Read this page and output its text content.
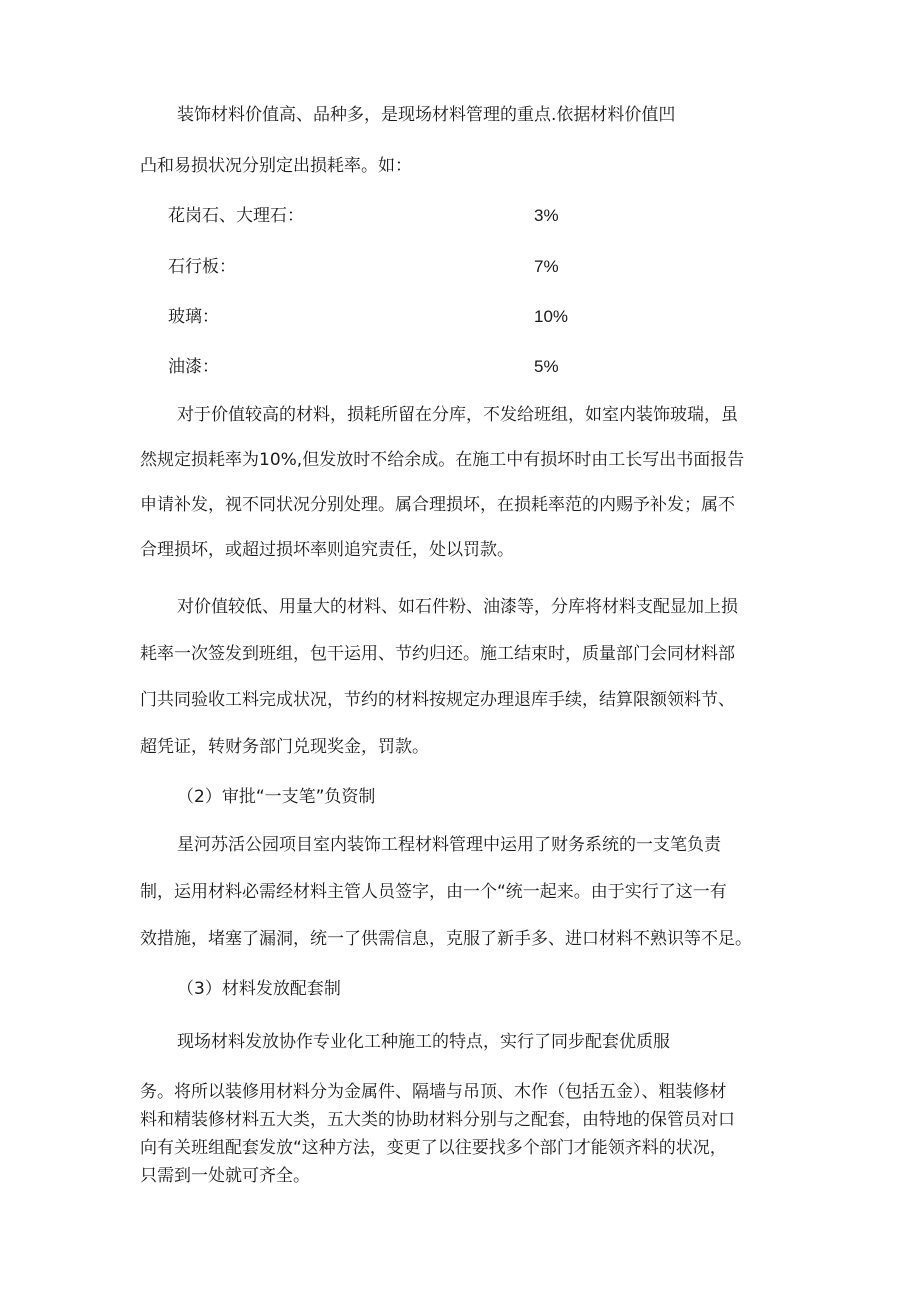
装饰材料价值高、品种多，是现场材料管理的重点.依据材料价值凹
凸和易损状况分别定出损耗率。如：
花岗石、大理石：	3%
石行板：	7%
玻璃：	10%
油漆：	5%
对于价值较高的材料，损耗所留在分库，不发给班组，如室内装饰玻瑞，虽
然规定损耗率为10%,但发放时不给余成。在施工中有损坏时由工长写出书面报告
申请补发，视不同状况分别处理。属合理损坏，在损耗率范的内赐予补发；属不
合理损坏，或超过损坏率则追究责任，处以罚款。
对价值较低、用量大的材料、如石件粉、油漆等，分库将材料支配显加上损
耗率一次签发到班组，包干运用、节约归还。施工结束时，质量部门会同材料部
门共同验收工料完成状况，节约的材料按规定办理退库手续，结算限额领料节、
超凭证，转财务部门兑现奖金，罚款。
（2）审批“一支笔”负资制
星河苏活公园项目室内装饰工程材料管理中运用了财务系统的一支笔负责
制，运用材料必需经材料主管人员签字，由一个“统一起来。由于实行了这一有
效措施，堵塞了漏洞，统一了供需信息，克服了新手多、进口材料不熟识等不足。
（3）材料发放配套制
现场材料发放协作专业化工种施工的特点，实行了同步配套优质服
务。将所以装修用材料分为金属件、隔墙与吊顶、木作（包括五金）、粗装修材
料和精装修材料五大类，五大类的协助材料分别与之配套，由特地的保管员对口
向有关班组配套发放“这种方法，变更了以往要找多个部门才能领齐料的状况，
只需到一处就可齐全。
